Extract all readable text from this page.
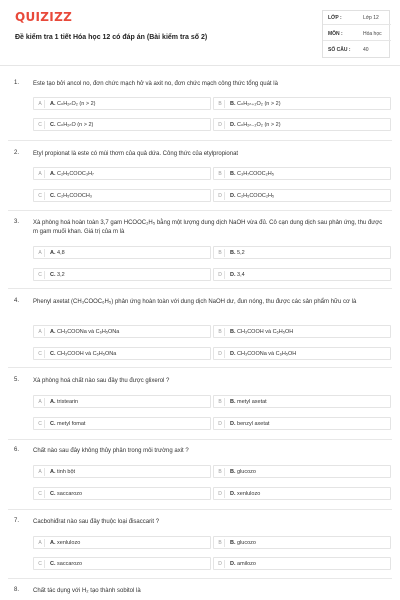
QUIZIZZ
Đề kiểm tra 1 tiết Hóa học 12 có đáp án (Bài kiểm tra số 2)
LỚP :	Lớp 12
MÔN :	Hóa học
SỐ CÂU :	40
1. Este tạo bởi ancol no, đơn chức mạch hở và axit no, đơn chức mạch công thức tổng quát là
A	A. CₙH₂ₙO₂ (n > 2)	B	B. CₙH₂ₙ₊₂O₂ (n > 2)
C	C. CₙH₂ₙO (n > 2)	D	D. CₙH₂ₙ₋₂O₂ (n > 2)
2. Etyl propionat là este có mùi thơm của quả dứa. Công thức của etylpropionat
A	A. C₂H₅COOC₃H₇	B	B. C₃H₇COOC₂H₅
C	C. C₂H₅COOCH₃	D	D. C₂H₅COOC₂H₅
3. Xà phòng hoá hoàn toàn 3,7 gam HCOOC₂H₅ bằng một lượng dung dịch NaOH vừa đủ. Cô cạn dung dịch sau phản ứng, thu được m gam muối khan. Giá trị của m là
A	A. 4,8	B	B. 5,2
C	C. 3,2	D	D. 3,4
4. Phenyl axetat (CH₃COOC₆H₅) phản ứng hoàn toàn với dung dịch NaOH dư, đun nóng, thu được các sản phẩm hữu cơ là
A	A. CH₃COONa và C₆H₅ONa	B	B. CH₃COOH và C₆H₅OH
C	C. CH₃COOH và C₆H₅ONa	D	D. CH₃COONa và C₆H₅OH
5. Xà phòng hoá chất nào sau đây thu được glixerol ?
A	A. tristearin	B	B. metyl axetat
C	C. metyl fomat	D	D. benzyl axetat
6. Chất nào sau đây không thủy phân trong môi trường axit ?
A	A. tinh bột	B	B. glucozo
C	C. saccarozo	D	D. xenlulozo
7. Cacbohiđrat nào sau đây thuộc loại đisaccarit ?
A	A. xenlulozo	B	B. glucozo
C	C. saccarozo	D	D. amilozo
8. Chất tác dụng với H₂ tạo thành sobitol là
